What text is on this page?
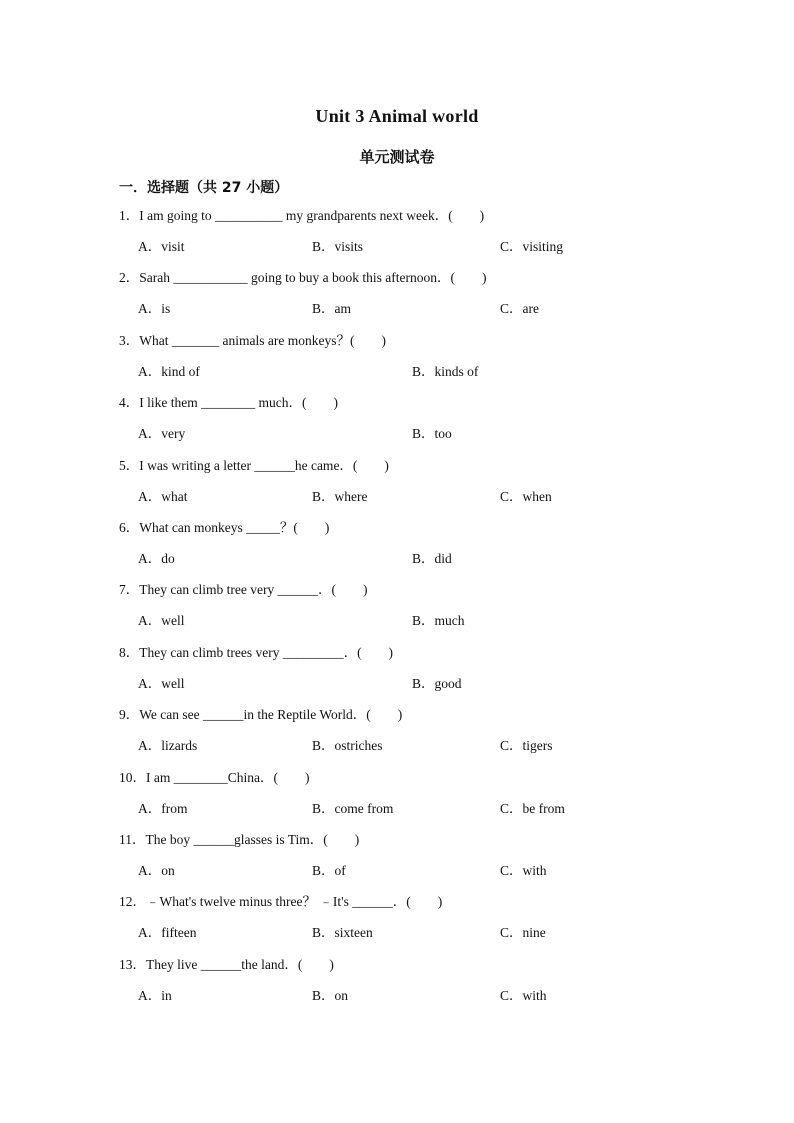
Unit 3 Animal world
单元测试卷
一．选择题（共 27 小题）
1．I am going to __________ my grandparents next week．(　　)
A．visit	B．visits	C．visiting
2．Sarah ___________ going to buy a book this afternoon．(　　)
A．is	B．am	C．are
3．What _______ animals are monkeys？(　　)
A．kind of	B．kinds of
4．I like them ________ much．(　　)
A．very	B．too
5．I was writing a letter ______he came．(　　)
A．what	B．where	C．when
6．What can monkeys _____？(　　)
A．do	B．did
7．They can climb tree very ______．(　　)
A．well	B．much
8．They can climb trees very _________．(　　)
A．well	B．good
9．We can see ______in the Reptile World．(　　)
A．lizards	B．ostriches	C．tigers
10．I am ________China．(　　)
A．from	B．come from	C．be from
11．The boy ______glasses is Tim．(　　)
A．on	B．of	C．with
12．﹣What's twelve minus three？ ﹣It's ______．(　　)
A．fifteen	B．sixteen	C．nine
13．They live ______the land．(　　)
A．in	B．on	C．with
